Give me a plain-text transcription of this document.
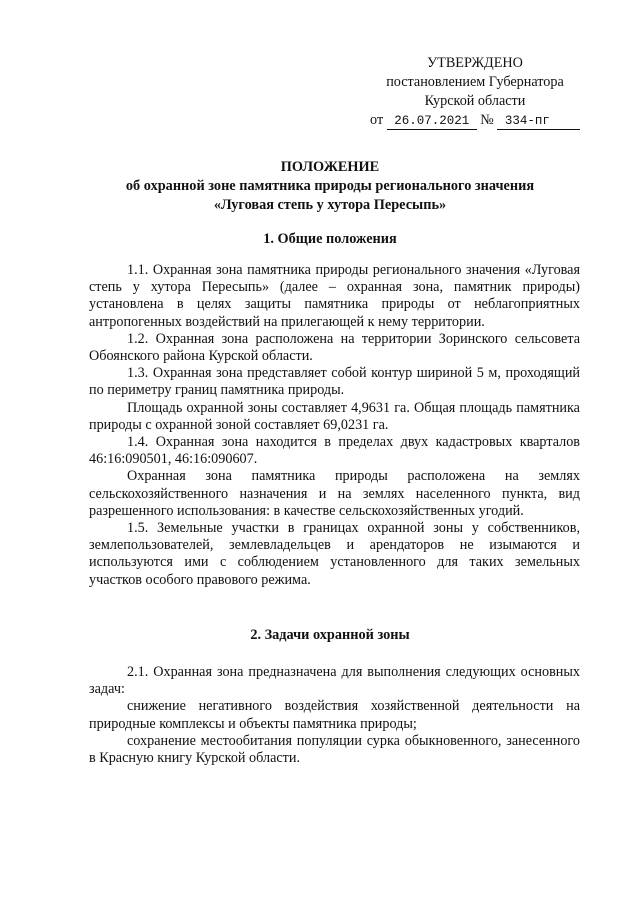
УТВЕРЖДЕНО
постановлением Губернатора
Курской области
от 26.07.2021 № 334-пг
ПОЛОЖЕНИЕ
об охранной зоне памятника природы регионального значения
«Луговая степь у хутора Пересыпь»
1. Общие положения

1.1. Охранная зона памятника природы регионального значения «Луговая степь у хутора Пересыпь» (далее – охранная зона, памятник природы) установлена в целях защиты памятника природы от неблагоприятных антропогенных воздействий на прилегающей к нему территории.

1.2. Охранная зона расположена на территории Зоринского сельсовета Обоянского района Курской области.

1.3. Охранная зона представляет собой контур шириной 5 м, проходящий по периметру границ памятника природы.

Площадь охранной зоны составляет 4,9631 га. Общая площадь памятника природы с охранной зоной составляет 69,0231 га.

1.4. Охранная зона находится в пределах двух кадастровых кварталов 46:16:090501, 46:16:090607.

Охранная зона памятника природы расположена на землях сельскохозяйственного назначения и на землях населенного пункта, вид разрешенного использования: в качестве сельскохозяйственных угодий.

1.5. Земельные участки в границах охранной зоны у собственников, землепользователей, землевладельцев и арендаторов не изымаются и используются ими с соблюдением установленного для таких земельных участков особого правового режима.

2. Задачи охранной зоны

2.1. Охранная зона предназначена для выполнения следующих основных задач:

снижение негативного воздействия хозяйственной деятельности на природные комплексы и объекты памятника природы;

сохранение местообитания популяции сурка обыкновенного, занесенного в Красную книгу Курской области.
